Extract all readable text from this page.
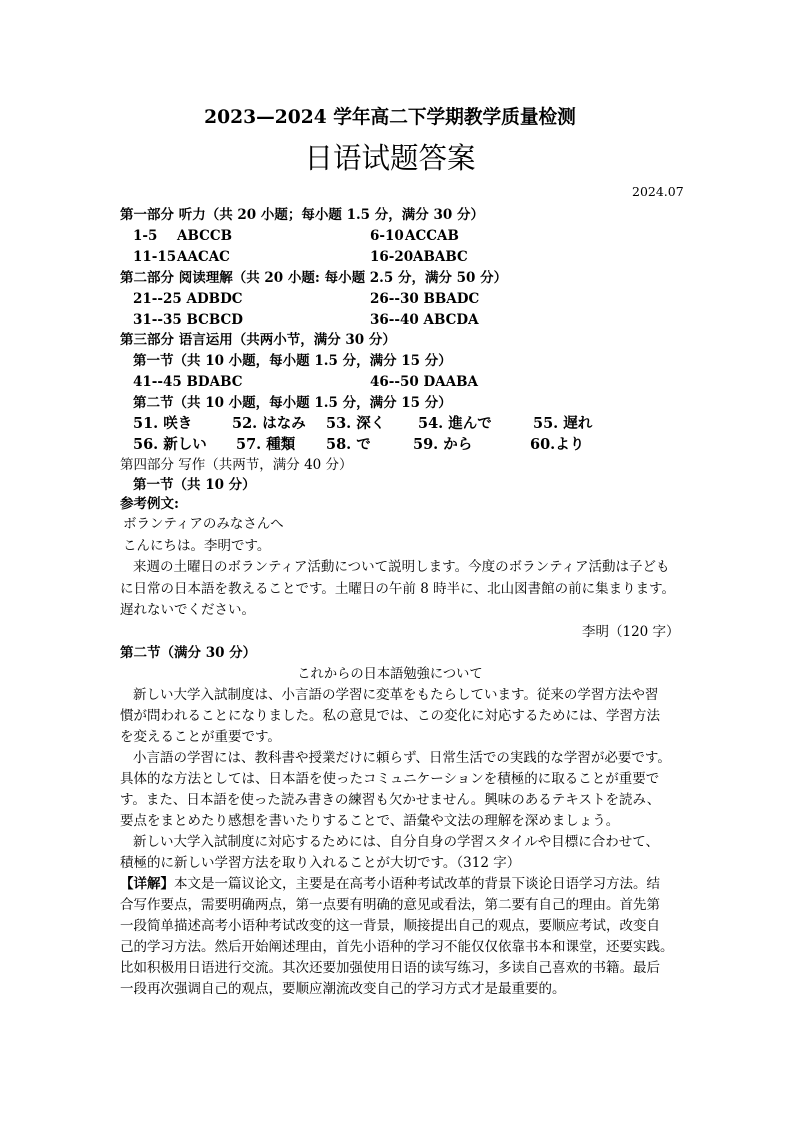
2023—2024 学年高二下学期教学质量检测
日语试题答案
2024.07
第一部分 听力（共 20 小题；每小题 1.5 分，满分 30 分）
1-5 ABCCB	6-10 ACCAB
11-15 AACAC	16-20 ABABC
第二部分 阅读理解（共 20 小题: 每小题 2.5 分，满分 50 分）
21--25 ADBDC	26--30 BBADC
31--35 BCBCD	36--40 ABCDA
第三部分 语言运用（共两小节，满分 30 分）
第一节（共 10 小题，每小题 1.5 分，满分 15 分）
41--45 BDABC	46--50 DAABA
第二节（共 10 小题，每小题 1.5 分，满分 15 分）
51. 咲き	52. はなみ 53. 深く 54. 進んで	55. 遅れ
56. 新しい 57. 種類 58. で	59. から	60.より
第四部分 写作（共两节，满分 40 分）
第一节（共 10 分）
参考例文:
ボランティアのみなさんへ
こんにちは。李明です。
来週の土曜日のボランティア活動について説明します。今度のボランティア活動は子ども
に日常の日本語を教えることです。土曜日の午前 8 時半に、北山図書館の前に集まります。
遅れないでください。
李明（120 字）
第二节（满分 30 分）
これからの日本語勉強について
新しい大学入試制度は、小言語の学習に変革をもたらしています。従来の学習方法や習
慣が問われることになりました。私の意見では、この変化に対応するためには、学習方法
を変えることが重要です。
小言語の学習には、教科書や授業だけに頼らず、日常生活での実践的な学習が必要です。
具体的な方法としては、日本語を使ったコミュニケーションを積極的に取ることが重要で
す。また、日本語を使った読み書きの練習も欠かせません。興味のあるテキストを読み、
要点をまとめたり感想を書いたりすることで、語彙や文法の理解を深めましょう。
新しい大学入試制度に対応するためには、自分自身の学習スタイルや目標に合わせて、
積極的に新しい学習方法を取り入れることが大切です。（312 字）
【详解】 本文是一篇议论文，主要是在高考小语种考试改革的背景下谈论日语学习方法。结
合写作要点，需要明确两点，第一点要有明确的意见或看法，第二要有自己的理由。首先第
一段简单描述高考小语种考试改变的这一背景，顺接提出自己的观点，要顺应考试，改变自
己的学习方法。然后开始阐述理由，首先小语种的学习不能仅仅依靠书本和课堂，还要实践。
比如积极用日语进行交流。其次还要加强使用日语的读写练习，多读自己喜欢的书籍。最后
一段再次强调自己的观点，要顺应潮流改变自己的学习方式才是最重要的。
